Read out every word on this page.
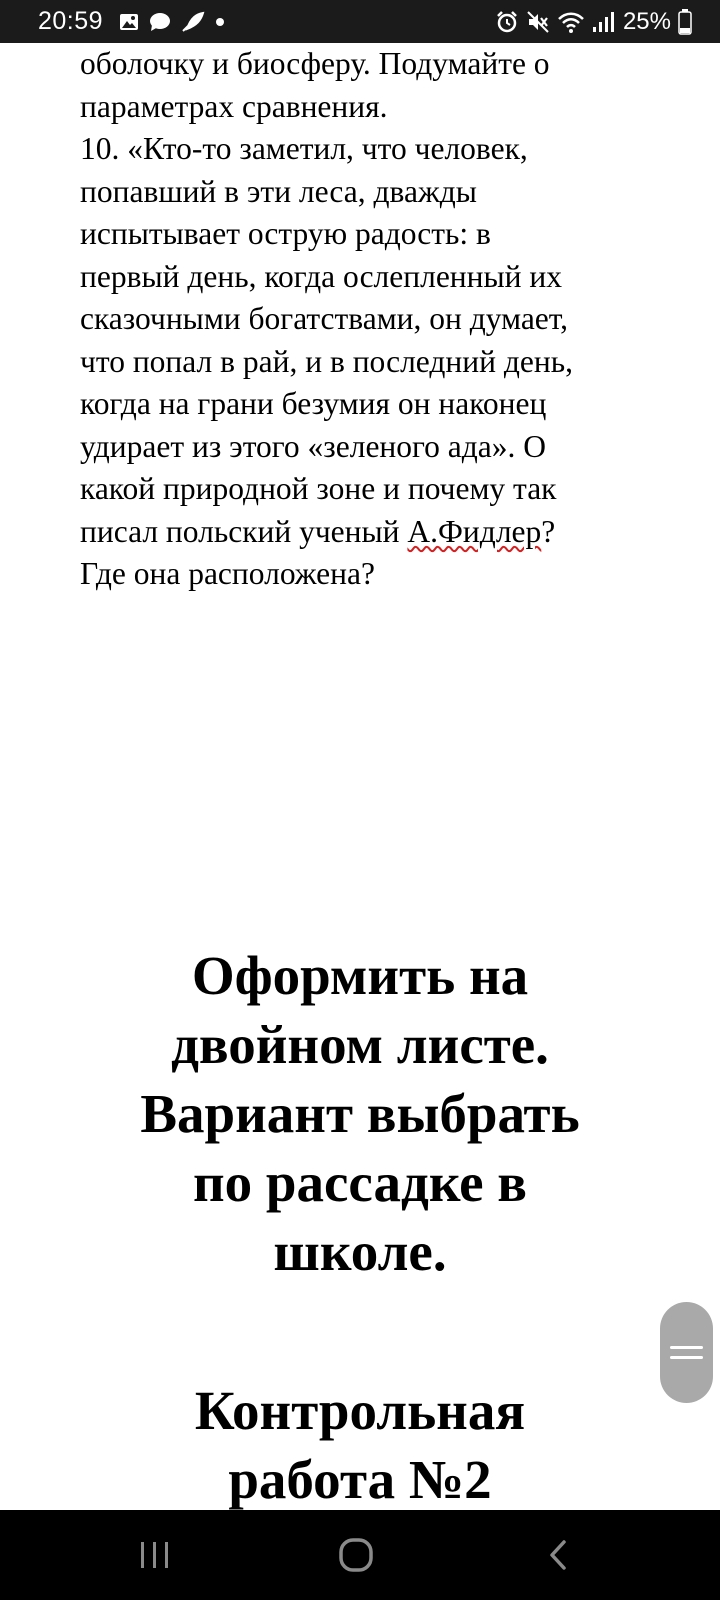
20:59	25%

оболочку и биосферу. Подумайте о
параметрах сравнения.
10. «Кто-то заметил, что человек,
попавший в эти леса, дважды
испытывает острую радость: в
первый день, когда ослепленный их
сказочными богатствами, он думает,
что попал в рай, и в последний день,
когда на грани безумия он наконец
удирает из этого «зеленого ада». О
какой природной зоне и почему так
писал польский ученый А.Фидлер?
Где она расположена?

Оформить на
двойном листе.
Вариант выбрать
по рассадке в
школе.
Контрольная
работа №2
